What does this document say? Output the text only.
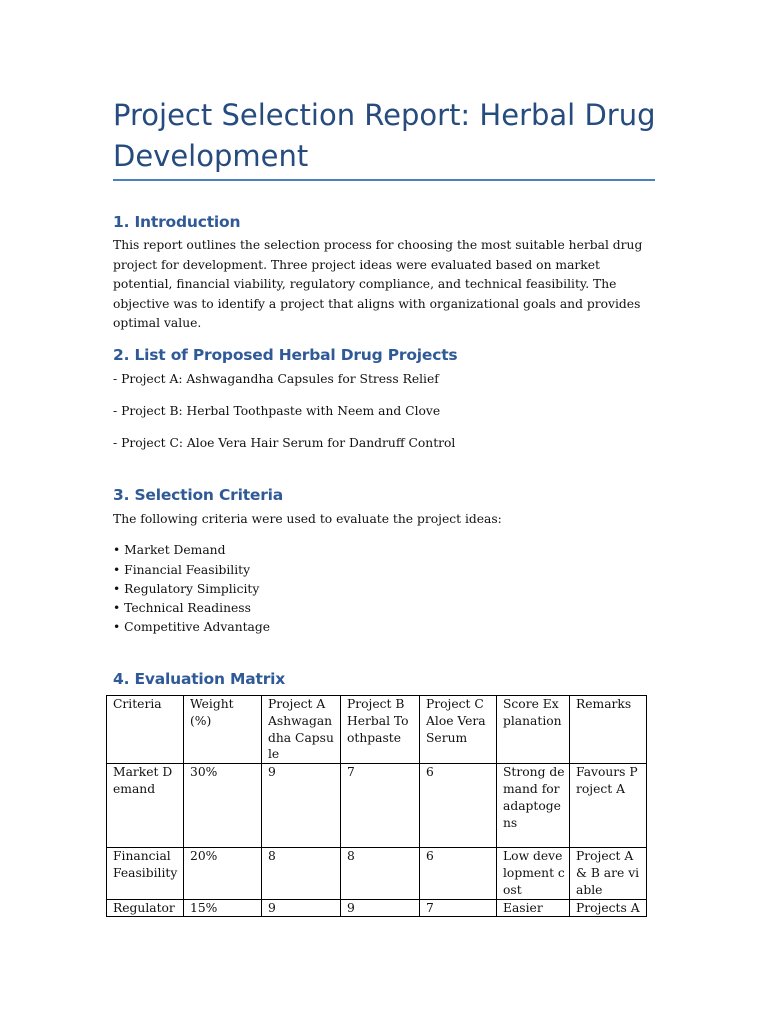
Project Selection Report: Herbal Drug Development
1. Introduction

This report outlines the selection process for choosing the most suitable herbal drug project for development. Three project ideas were evaluated based on market potential, financial viability, regulatory compliance, and technical feasibility. The objective was to identify a project that aligns with organizational goals and provides optimal value.

2. List of Proposed Herbal Drug Projects

- Project A: Ashwagandha Capsules for Stress Relief

- Project B: Herbal Toothpaste with Neem and Clove

- Project C: Aloe Vera Hair Serum for Dandruff Control

3. Selection Criteria

The following criteria were used to evaluate the project ideas:

• Market Demand

• Financial Feasibility

• Regulatory Simplicity

• Technical Readiness

• Competitive Advantage

4. Evaluation Matrix
Criteria	Weight (%)	Project A Ashwagandha Capsule	Project B Herbal Toothpaste	Project C Aloe Vera Serum	Score Explanation	Remarks
Market Demand	30%	9	7	6	Strong demand for adaptogens	Favours Project A
Financial Feasibility	20%	8	8	6	Low development cost	Project A & B are viable
Regulator	15%	9	9	7	Easier	Projects A
